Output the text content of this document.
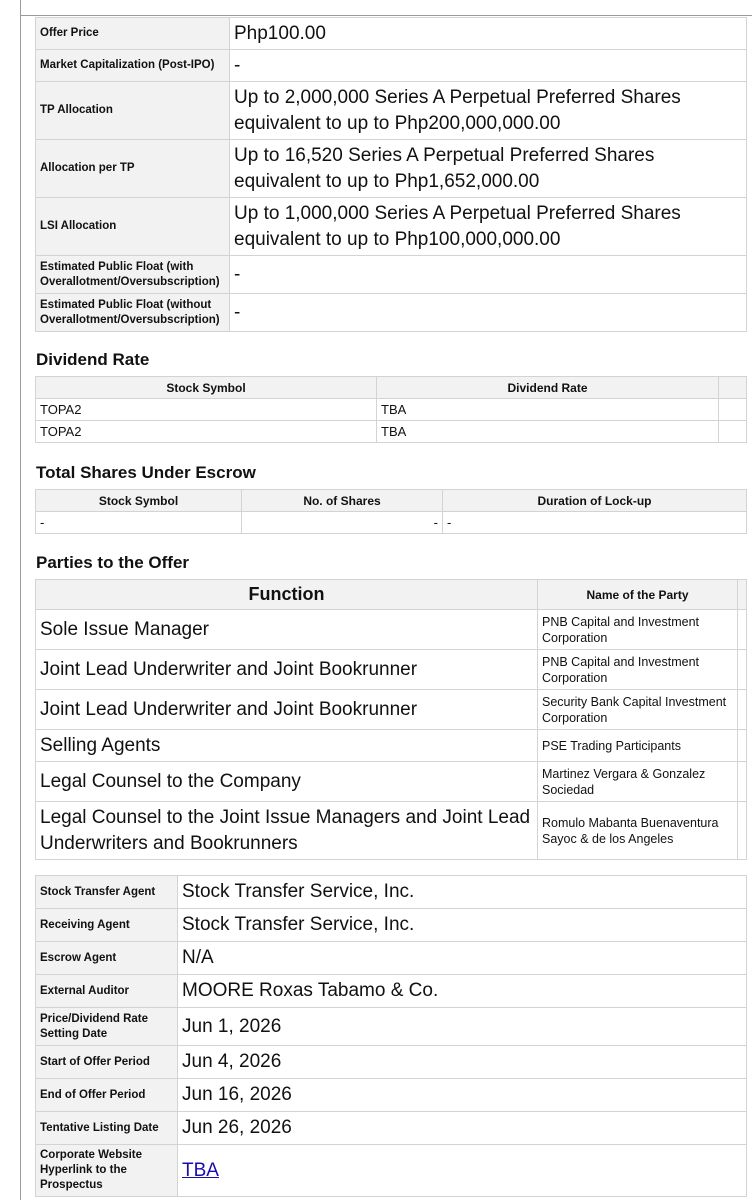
Offer Price	Php100.00
Market Capitalization (Post-IPO)	-
TP Allocation	Up to 2,000,000 Series A Perpetual Preferred Shares equivalent to up to Php200,000,000.00
Allocation per TP	Up to 16,520 Series A Perpetual Preferred Shares equivalent to up to Php1,652,000.00
LSI Allocation	Up to 1,000,000 Series A Perpetual Preferred Shares equivalent to up to Php100,000,000.00
Estimated Public Float (with Overallotment/Oversubscription)	-
Estimated Public Float (without Overallotment/Oversubscription)	-
Dividend Rate
Stock Symbol	Dividend Rate	
TOPA2	TBA	
TOPA2	TBA	
Total Shares Under Escrow
Stock Symbol	No. of Shares	Duration of Lock-up
-	-	-
Parties to the Offer
Function	Name of the Party	
Sole Issue Manager	PNB Capital and Investment Corporation	
Joint Lead Underwriter and Joint Bookrunner	PNB Capital and Investment Corporation	
Joint Lead Underwriter and Joint Bookrunner	Security Bank Capital Investment Corporation	
Selling Agents	PSE Trading Participants	
Legal Counsel to the Company	Martinez Vergara & Gonzalez Sociedad	
Legal Counsel to the Joint Issue Managers and Joint Lead Underwriters and Bookrunners	Romulo Mabanta Buenaventura Sayoc & de los Angeles	
Stock Transfer Agent	Stock Transfer Service, Inc.
Receiving Agent	Stock Transfer Service, Inc.
Escrow Agent	N/A
External Auditor	MOORE Roxas Tabamo & Co.
Price/Dividend Rate Setting Date	Jun 1, 2026
Start of Offer Period	Jun 4, 2026
End of Offer Period	Jun 16, 2026
Tentative Listing Date	Jun 26, 2026
Corporate Website Hyperlink to the Prospectus	TBA
